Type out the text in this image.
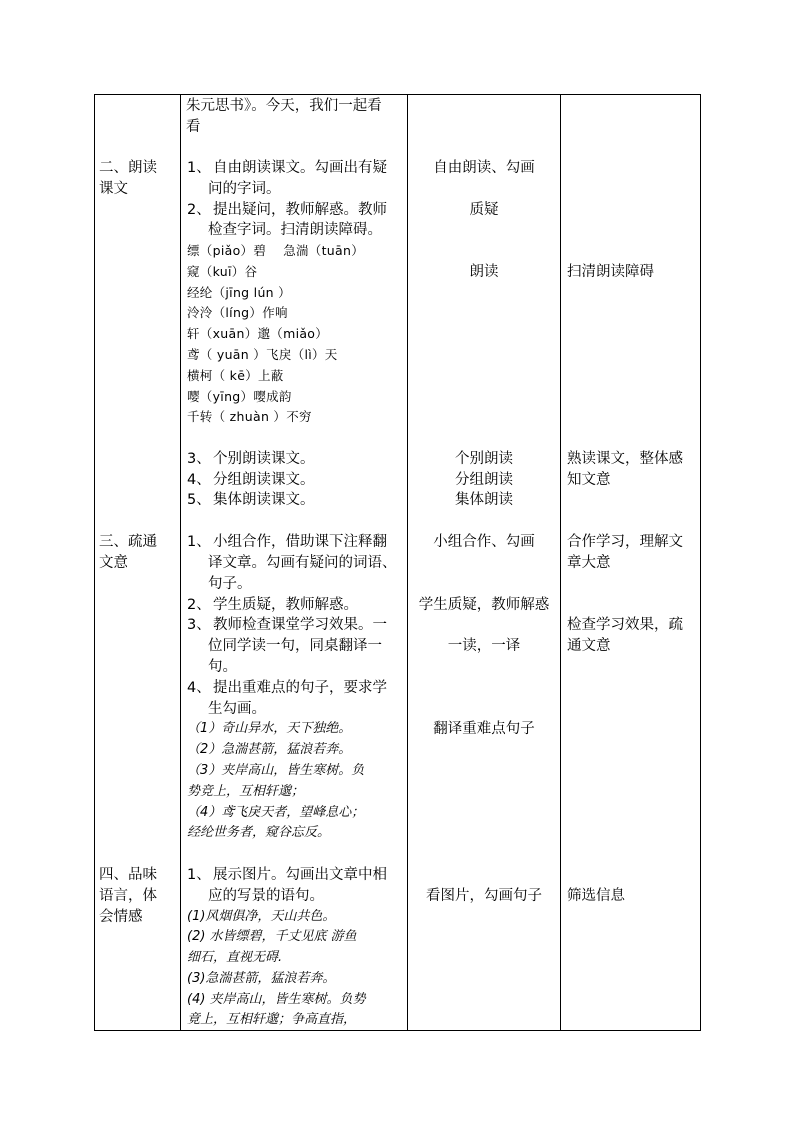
二、朗读
课文
三、疏通
文意
四、品味
语言，体
会情感
朱元思书》。今天，我们一起看
看
1、 自由朗读课文。勾画出有疑
问的字词。
2、 提出疑问，教师解惑。教师
检查字词。扫清朗读障碍。
缥（piǎo）碧　 急湍（tuān）
窥（kuī）谷
经纶（jīng lún ）
泠泠（líng）作响
轩（xuān）邈（miǎo）
鸢（ yuān ）飞戾（lì）天
横柯（ kē）上蔽
嘤（yīng）嘤成韵
千转（ zhuàn ）不穷
3、 个别朗读课文。
4、 分组朗读课文。
5、 集体朗读课文。
1、 小组合作，借助课下注释翻
译文章。勾画有疑问的词语、
句子。
2、 学生质疑，教师解惑。
3、 教师检查课堂学习效果。一
位同学读一句，同桌翻译一
句。
4、 提出重难点的句子，要求学
生勾画。
（1）奇山异水，天下独绝。
（2）急湍甚箭，猛浪若奔。
（3）夹岸高山，皆生寒树。负
势竞上，互相轩邈；
（4）鸢飞戾天者，望峰息心；
经纶世务者，窥谷忘反。
1、 展示图片。勾画出文章中相
应的写景的语句。
(1)风烟俱净，天山共色。
(2) 水皆缥碧，千丈见底 游鱼
细石，直视无碍.
(3)急湍甚箭，猛浪若奔。
(4) 夹岸高山，皆生寒树。负势
竟上，互相轩邈；争高直指，
自由朗读、勾画
质疑
朗读
个别朗读
分组朗读
集体朗读
小组合作、勾画
学生质疑，教师解惑
一读，一译
翻译重难点句子
看图片，勾画句子
扫清朗读障碍
熟读课文，整体感
知文意
合作学习，理解文
章大意
检查学习效果，疏
通文意
筛选信息
